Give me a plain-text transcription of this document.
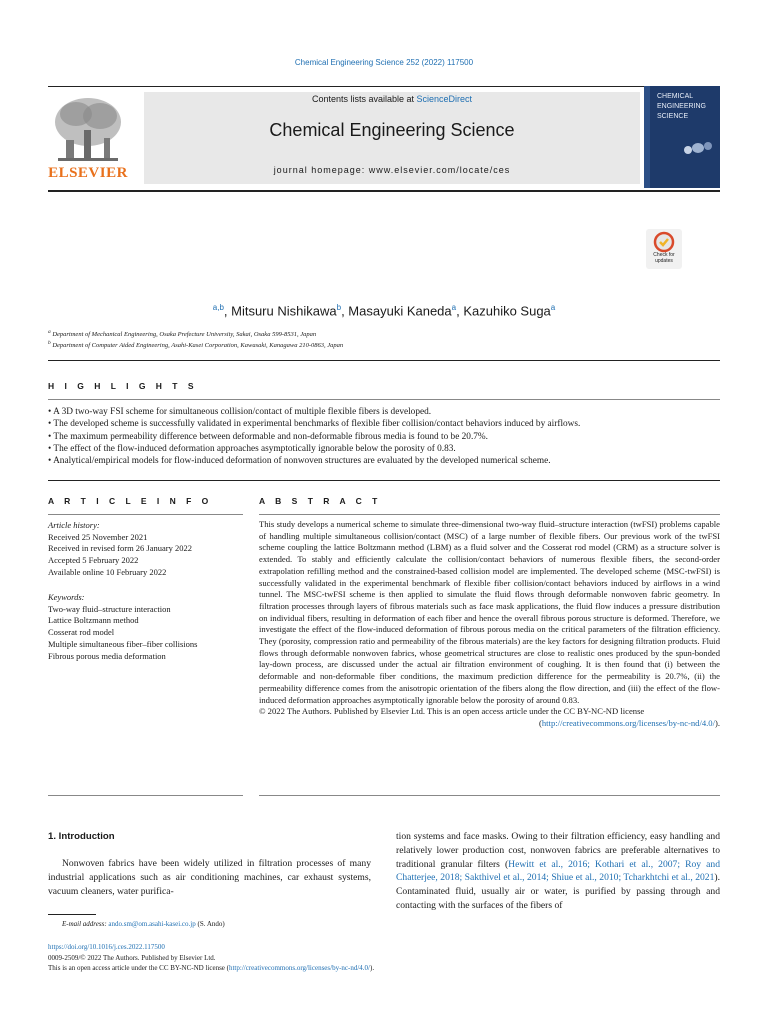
Chemical Engineering Science 252 (2022) 117500
ELSEVIER
Contents lists available at ScienceDirect
Chemical Engineering Science
journal homepage: www.elsevier.com/locate/ces
CHEMICAL
ENGINEERING
SCIENCE
Check for updates
$^{a,b}$, Mitsuru Nishikawa$^b$, Masayuki Kaneda$^a$, Kazuhiko Suga$^a$
$^a$ Department of Mechanical Engineering, Osaka Prefecture University, Sakai, Osaka 599-8531, Japan
$^b$ Department of Computer Aided Engineering, Asahi-Kasei Corporation, Kawasaki, Kanagawa 210-0863, Japan
H I G H L I G H T S
• A 3D two-way FSI scheme for simultaneous collision/contact of multiple flexible fibers is developed.
• The developed scheme is successfully validated in experimental benchmarks of flexible fiber collision/contact behaviors induced by airflows.
• The maximum permeability difference between deformable and non-deformable fibrous media is found to be 20.7%.
• The effect of the flow-induced deformation approaches asymptotically ignorable below the porosity of 0.83.
• Analytical/empirical models for flow-induced deformation of nonwoven structures are evaluated by the developed numerical scheme.
A R T I C L E I N F O	A B S T R A C T
Article history:
Received 25 November 2021
Received in revised form 26 January 2022
Accepted 5 February 2022
Available online 10 February 2022
Keywords:
Two-way fluid–structure interaction
Lattice Boltzmann method
Cosserat rod model
Multiple simultaneous fiber–fiber collisions
Fibrous porous media deformation

This study develops a numerical scheme to simulate three-dimensional two-way fluid–structure interaction (twFSI) problems capable of handling multiple simultaneous collision/contact (MSC) of a large number of flexible fibers. Our previous work of the twFSI scheme coupling the lattice Boltzmann method (LBM) as a fluid solver and the Cosserat rod model (CRM) as a structure solver is extended. To stably and efficiently calculate the collision/contact behaviors of numerous flexible fibers, the second-order extrapolation refilling method and the constrained-based collision model are implemented. The developed scheme (MSC-twFSI) is successfully validated in the experimental benchmark of flexible fiber collision/contact behaviors induced by airflows in a wind tunnel. The MSC-twFSI scheme is then applied to simulate the fluid flows through deformable nonwoven fabric geometry. In filtration processes through layers of fibrous materials such as face mask applications, the fluid flow induces a pressure distribution on individual fibers, resulting in deformation of each fiber and hence the overall fibrous porous structure is deformed. Therefore, we investigate the effect of the flow-induced deformation of fibrous porous media on the critical parameters of the filtration efficiency. They (porosity, compression ratio and permeability of the fibrous materials) are the key factors for designing filtration products. Fluid flows through deformable nonwoven fabrics, whose geometrical structures are close to realistic ones produced by the spun-bonded lay-down process, are discussed under the actual air filtration environment of coughing. It is then found that (i) between the deformable and non-deformable fiber conditions, the maximum prediction difference for the permeability is 20.7%, (ii) the permeability difference comes from the anisotropic orientation of the fibers along the flow direction, and (iii) the effect of the flow-induced deformation approaches asymptotically ignorable below the porosity of around 0.83.

© 2022 The Authors. Published by Elsevier Ltd. This is an open access article under the CC BY-NC-ND license

(http://creativecommons.org/licenses/by-nc-nd/4.0/).

1. Introduction
Nonwoven fabrics have been widely utilized in filtration processes of many industrial applications such as air conditioning machines, car exhaust systems, vacuum cleaners, water purifica-
tion systems and face masks. Owing to their filtration efficiency, easy handling and relatively lower production cost, nonwoven fabrics are preferable alternatives to traditional granular filters (Hewitt et al., 2016; Kothari et al., 2007; Roy and Chatterjee, 2018; Sakthivel et al., 2014; Shiue et al., 2010; Tcharkhtchi et al., 2021). Contaminated fluid, usually air or water, is purified by passing through and contacting with the surfaces of the fibers of
E-mail address: ando.sm@om.asahi-kasei.co.jp (S. Ando)
https://doi.org/10.1016/j.ces.2022.117500
0009-2509/© 2022 The Authors. Published by Elsevier Ltd.
This is an open access article under the CC BY-NC-ND license (http://creativecommons.org/licenses/by-nc-nd/4.0/).
